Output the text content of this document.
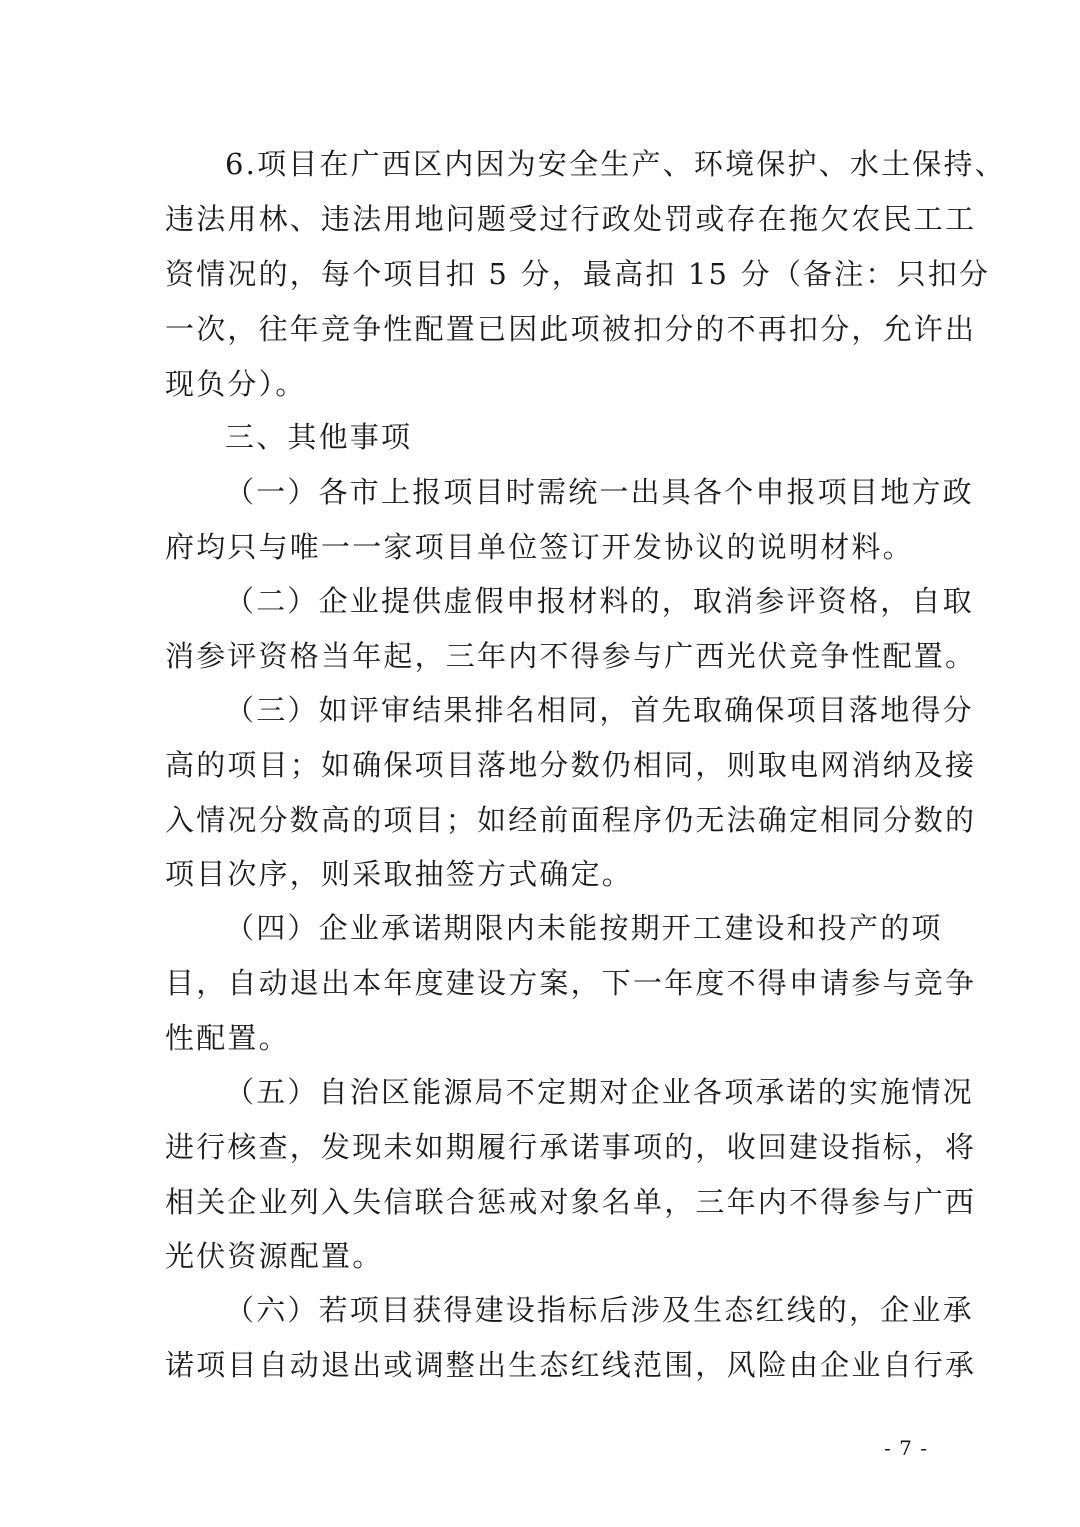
6.项目在广西区内因为安全生产、环境保护、水土保持、
违法用林、违法用地问题受过行政处罚或存在拖欠农民工工
资情况的，每个项目扣 5 分，最高扣 15 分（备注：只扣分
一次，往年竞争性配置已因此项被扣分的不再扣分，允许出
现负分）。
三、其他事项
（一）各市上报项目时需统一出具各个申报项目地方政
府均只与唯一一家项目单位签订开发协议的说明材料。
（二）企业提供虚假申报材料的，取消参评资格，自取
消参评资格当年起，三年内不得参与广西光伏竞争性配置。
（三）如评审结果排名相同，首先取确保项目落地得分
高的项目；如确保项目落地分数仍相同，则取电网消纳及接
入情况分数高的项目；如经前面程序仍无法确定相同分数的
项目次序，则采取抽签方式确定。
（四）企业承诺期限内未能按期开工建设和投产的项
目，自动退出本年度建设方案，下一年度不得申请参与竞争
性配置。
（五）自治区能源局不定期对企业各项承诺的实施情况
进行核查，发现未如期履行承诺事项的，收回建设指标，将
相关企业列入失信联合惩戒对象名单，三年内不得参与广西
光伏资源配置。
（六）若项目获得建设指标后涉及生态红线的，企业承
诺项目自动退出或调整出生态红线范围，风险由企业自行承
- 7 -
